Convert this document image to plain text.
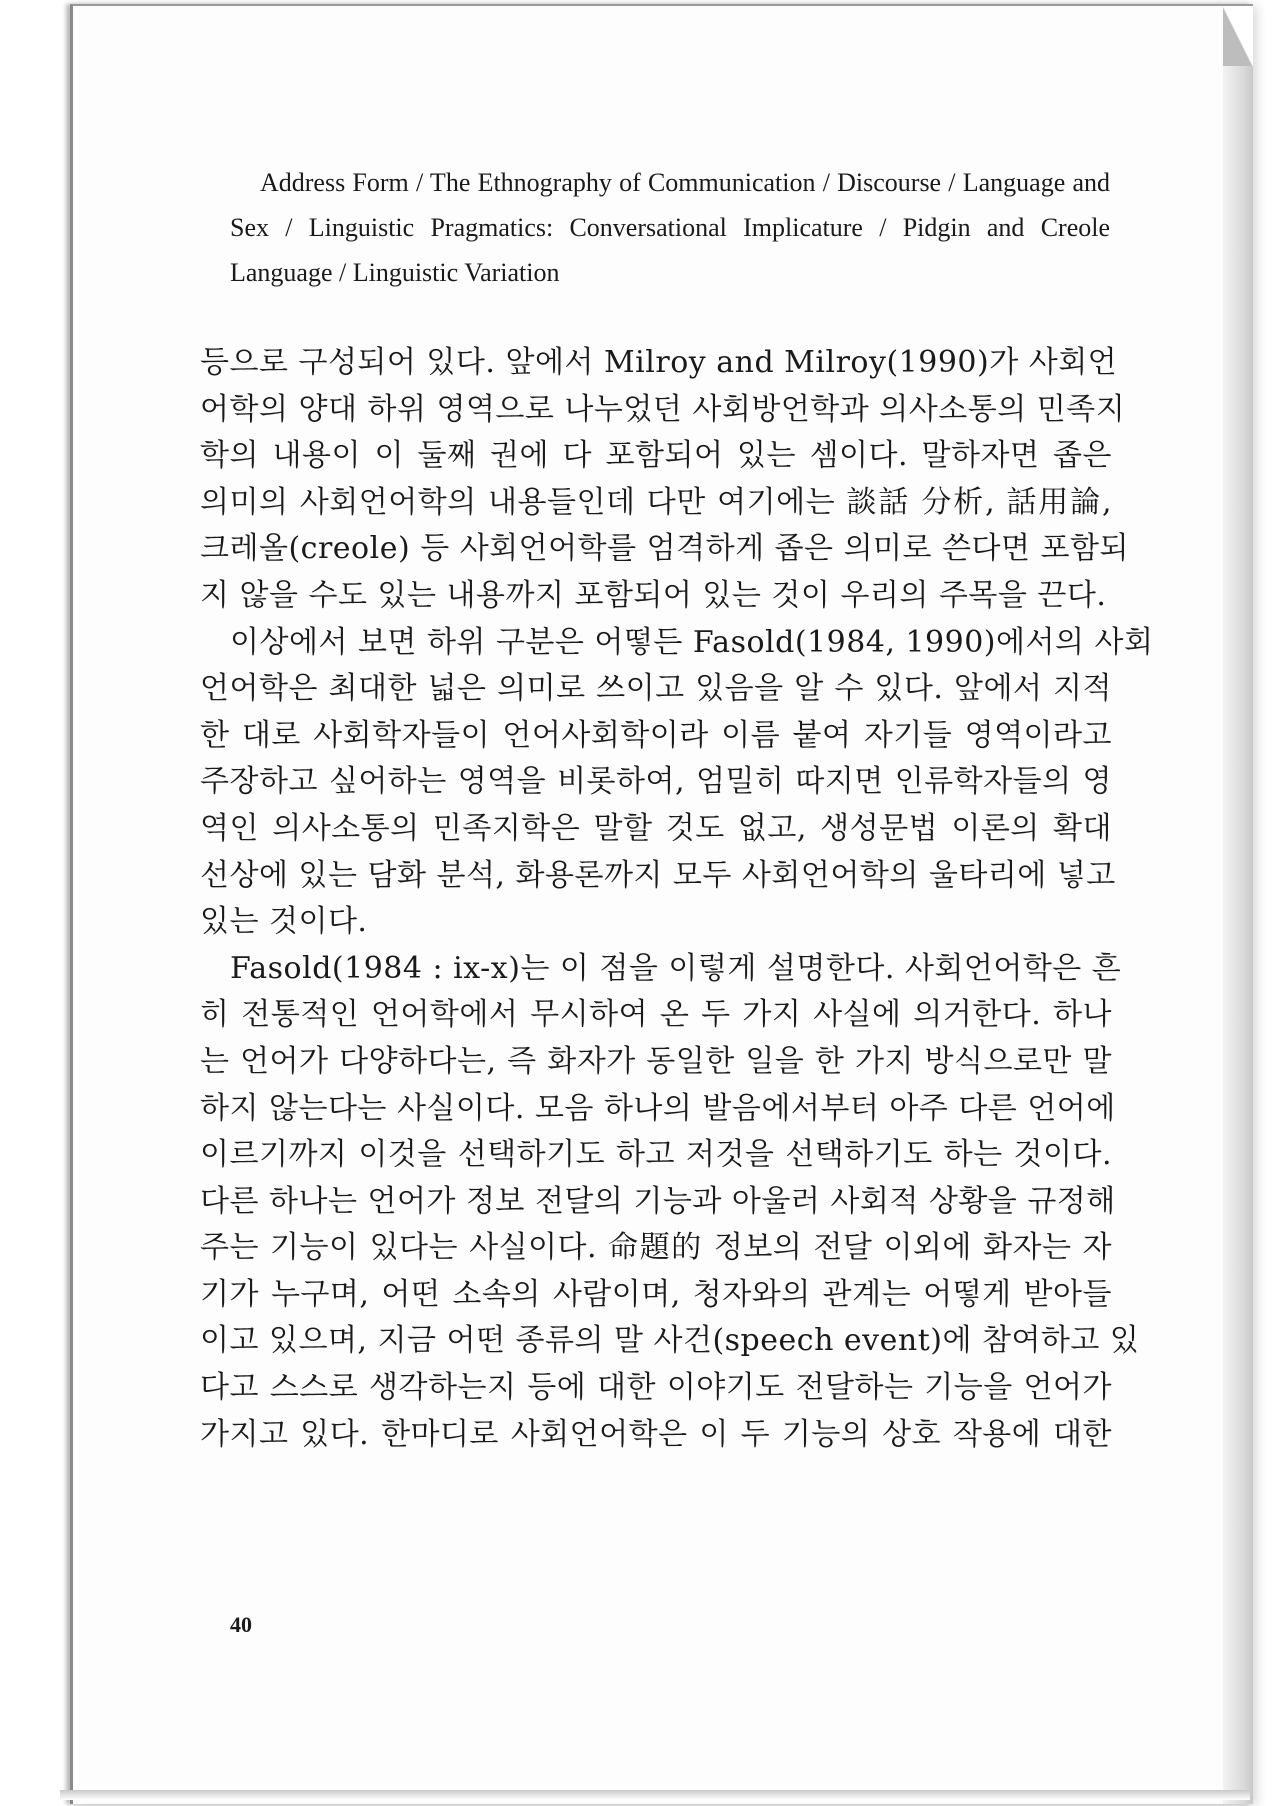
Address Form / The Ethnography of Communication / Discourse / Language and Sex / Linguistic Pragmatics: Conversational Implicature / Pidgin and Creole Language / Linguistic Variation
등으로 구성되어 있다. 앞에서 Milroy and Milroy(1990)가 사회언
어학의 양대 하위 영역으로 나누었던 사회방언학과 의사소통의 민족지
학의 내용이 이 둘째 권에 다 포함되어 있는 셈이다. 말하자면 좁은
의미의 사회언어학의 내용들인데 다만 여기에는 談話 分析, 話用論,
크레올(creole) 등 사회언어학를 엄격하게 좁은 의미로 쓴다면 포함되
지 않을 수도 있는 내용까지 포함되어 있는 것이 우리의 주목을 끈다.
이상에서 보면 하위 구분은 어떻든 Fasold(1984, 1990)에서의 사회
언어학은 최대한 넓은 의미로 쓰이고 있음을 알 수 있다. 앞에서 지적
한 대로 사회학자들이 언어사회학이라 이름 붙여 자기들 영역이라고
주장하고 싶어하는 영역을 비롯하여, 엄밀히 따지면 인류학자들의 영
역인 의사소통의 민족지학은 말할 것도 없고, 생성문법 이론의 확대
선상에 있는 담화 분석, 화용론까지 모두 사회언어학의 울타리에 넣고
있는 것이다.
Fasold(1984 : ix-x)는 이 점을 이렇게 설명한다. 사회언어학은 흔
히 전통적인 언어학에서 무시하여 온 두 가지 사실에 의거한다. 하나
는 언어가 다양하다는, 즉 화자가 동일한 일을 한 가지 방식으로만 말
하지 않는다는 사실이다. 모음 하나의 발음에서부터 아주 다른 언어에
이르기까지 이것을 선택하기도 하고 저것을 선택하기도 하는 것이다.
다른 하나는 언어가 정보 전달의 기능과 아울러 사회적 상황을 규정해
주는 기능이 있다는 사실이다. 命題的 정보의 전달 이외에 화자는 자
기가 누구며, 어떤 소속의 사람이며, 청자와의 관계는 어떻게 받아들
이고 있으며, 지금 어떤 종류의 말 사건(speech event)에 참여하고 있
다고 스스로 생각하는지 등에 대한 이야기도 전달하는 기능을 언어가
가지고 있다. 한마디로 사회언어학은 이 두 기능의 상호 작용에 대한
40
